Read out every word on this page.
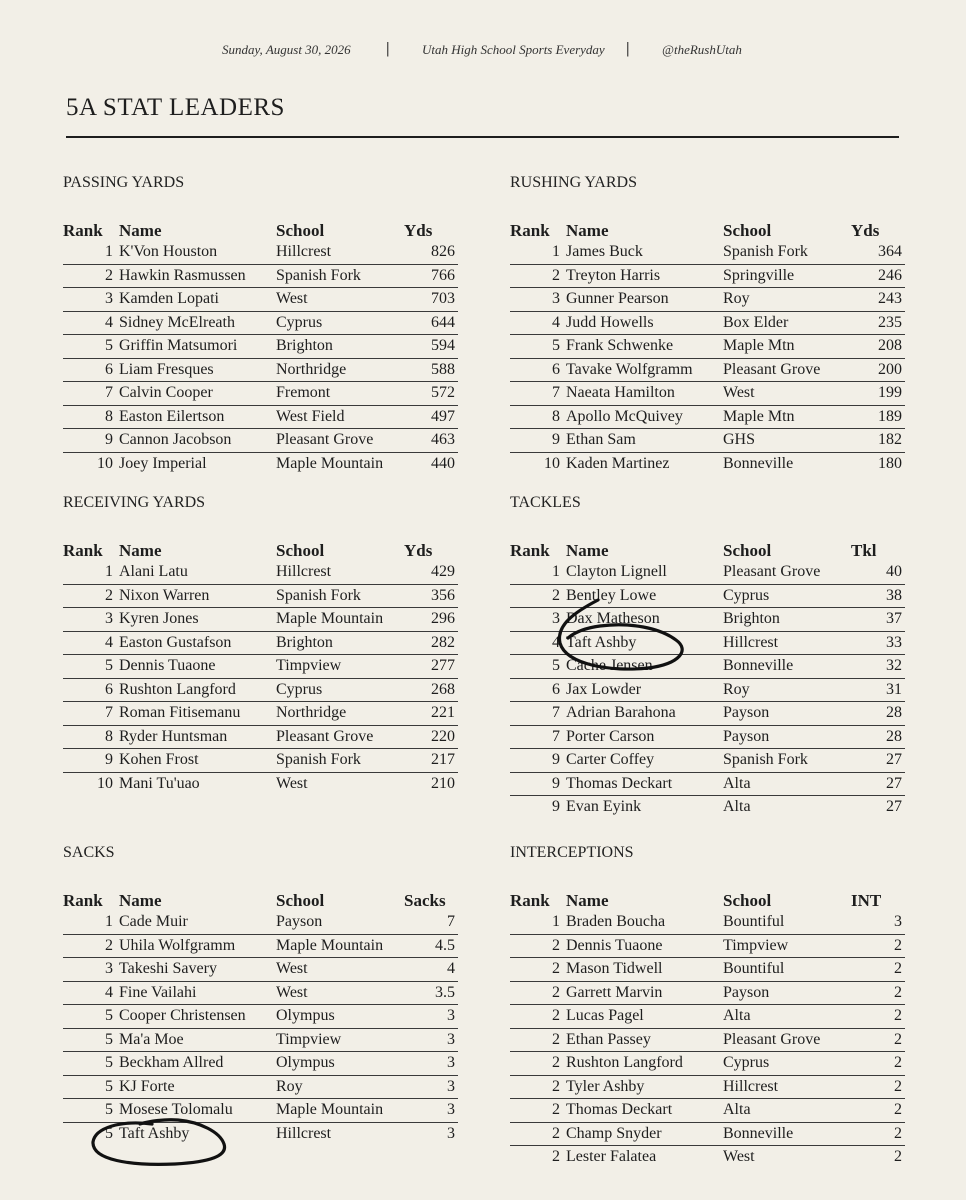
Sunday, August 30, 2026 | Utah High School Sports Everyday | @theRushUtah
5A STAT LEADERS
PASSING YARDS
Rank	Name	School	Yds
1	K'Von Houston	Hillcrest	826
2	Hawkin Rasmussen	Spanish Fork	766
3	Kamden Lopati	West	703
4	Sidney McElreath	Cyprus	644
5	Griffin Matsumori	Brighton	594
6	Liam Fresques	Northridge	588
7	Calvin Cooper	Fremont	572
8	Easton Eilertson	West Field	497
9	Cannon Jacobson	Pleasant Grove	463
10	Joey Imperial	Maple Mountain	440
RUSHING YARDS
Rank	Name	School	Yds
1	James Buck	Spanish Fork	364
2	Treyton Harris	Springville	246
3	Gunner Pearson	Roy	243
4	Judd Howells	Box Elder	235
5	Frank Schwenke	Maple Mtn	208
6	Tavake Wolfgramm	Pleasant Grove	200
7	Naeata Hamilton	West	199
8	Apollo McQuivey	Maple Mtn	189
9	Ethan Sam	GHS	182
10	Kaden Martinez	Bonneville	180
RECEIVING YARDS
Rank	Name	School	Yds
1	Alani Latu	Hillcrest	429
2	Nixon Warren	Spanish Fork	356
3	Kyren Jones	Maple Mountain	296
4	Easton Gustafson	Brighton	282
5	Dennis Tuaone	Timpview	277
6	Rushton Langford	Cyprus	268
7	Roman Fitisemanu	Northridge	221
8	Ryder Huntsman	Pleasant Grove	220
9	Kohen Frost	Spanish Fork	217
10	Mani Tu'uao	West	210
TACKLES
Rank	Name	School	Tkl
1	Clayton Lignell	Pleasant Grove	40
2	Bentley Lowe	Cyprus	38
3	Dax Matheson	Brighton	37
4	Taft Ashby	Hillcrest	33
5	Cache Jensen	Bonneville	32
6	Jax Lowder	Roy	31
7	Adrian Barahona	Payson	28
7	Porter Carson	Payson	28
9	Carter Coffey	Spanish Fork	27
9	Thomas Deckart	Alta	27
9	Evan Eyink	Alta	27
SACKS
Rank	Name	School	Sacks
1	Cade Muir	Payson	7
2	Uhila Wolfgramm	Maple Mountain	4.5
3	Takeshi Savery	West	4
4	Fine Vailahi	West	3.5
5	Cooper Christensen	Olympus	3
5	Ma'a Moe	Timpview	3
5	Beckham Allred	Olympus	3
5	KJ Forte	Roy	3
5	Mosese Tolomalu	Maple Mountain	3
5	Taft Ashby	Hillcrest	3
INTERCEPTIONS
Rank	Name	School	INT
1	Braden Boucha	Bountiful	3
2	Dennis Tuaone	Timpview	2
2	Mason Tidwell	Bountiful	2
2	Garrett Marvin	Payson	2
2	Lucas Pagel	Alta	2
2	Ethan Passey	Pleasant Grove	2
2	Rushton Langford	Cyprus	2
2	Tyler Ashby	Hillcrest	2
2	Thomas Deckart	Alta	2
2	Champ Snyder	Bonneville	2
2	Lester Falatea	West	2
